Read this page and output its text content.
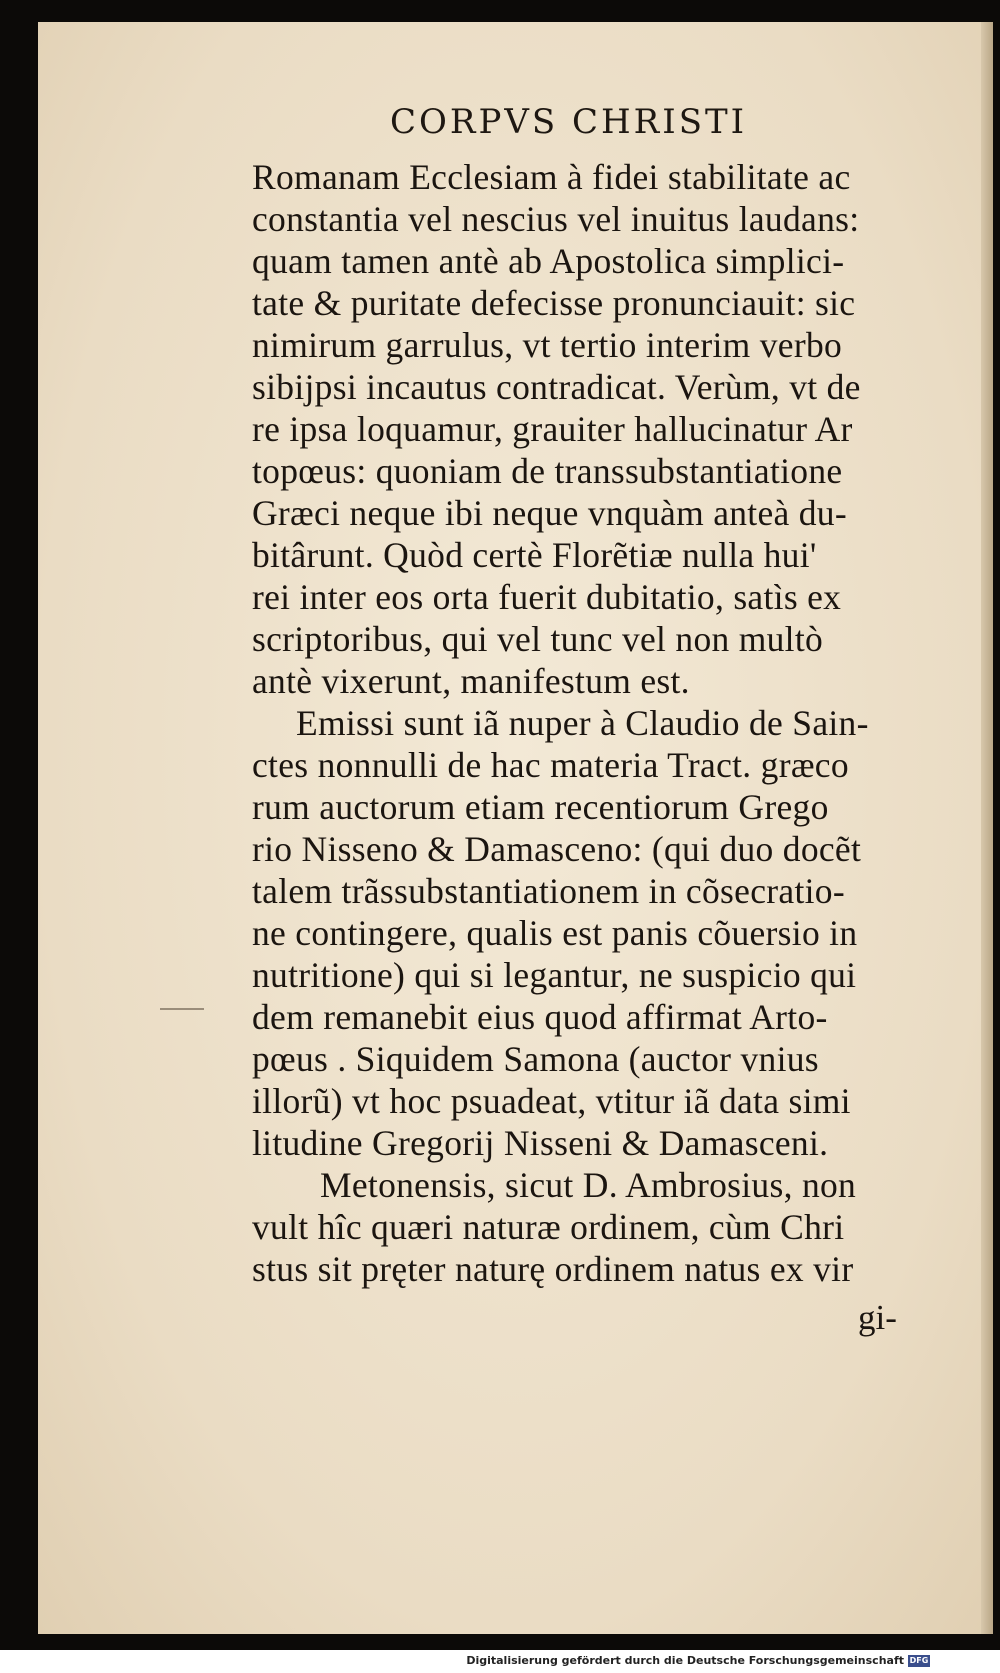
CORPVS CHRISTI
Romanam Ecclesiam à fidei stabilitate ac
constantia vel nescius vel inuitus laudans:
quam tamen antè ab Apostolica simplici-
tate & puritate defecisse pronunciauit: sic
nimirum garrulus, vt tertio interim verbo
sibijpsi incautus contradicat. Verùm, vt de
re ipsa loquamur, grauiter hallucinatur Ar
topœus: quoniam de transsubstantiatione
Græci neque ibi neque vnquàm anteà du-
bitârunt. Quòd certè Florẽtiæ nulla hui'
rei inter eos orta fuerit dubitatio, satìs ex
scriptoribus, qui vel tunc vel non multò
antè vixerunt, manifestum est.
Emissi sunt iã nuper à Claudio de Sain-
ctes nonnulli de hac materia Tract. græco
rum auctorum etiam recentiorum Grego
rio Nisseno & Damasceno: (qui duo docẽt
talem trãssubstantiationem in cõsecratio-
ne contingere, qualis est panis cõuersio in
nutritione) qui si legantur, ne suspicio qui
dem remanebit eius quod affirmat Arto-
pœus . Siquidem Samona (auctor vnius
illorũ) vt hoc psuadeat, vtitur iã data simi
litudine Gregorij Nisseni & Damasceni.
Metonensis, sicut D. Ambrosius, non
vult hîc quæri naturæ ordinem, cùm Chri
stus sit pręter naturę ordinem natus ex vir
gi-
Digitalisierung gefördert durch die Deutsche Forschungsgemeinschaft DFG
